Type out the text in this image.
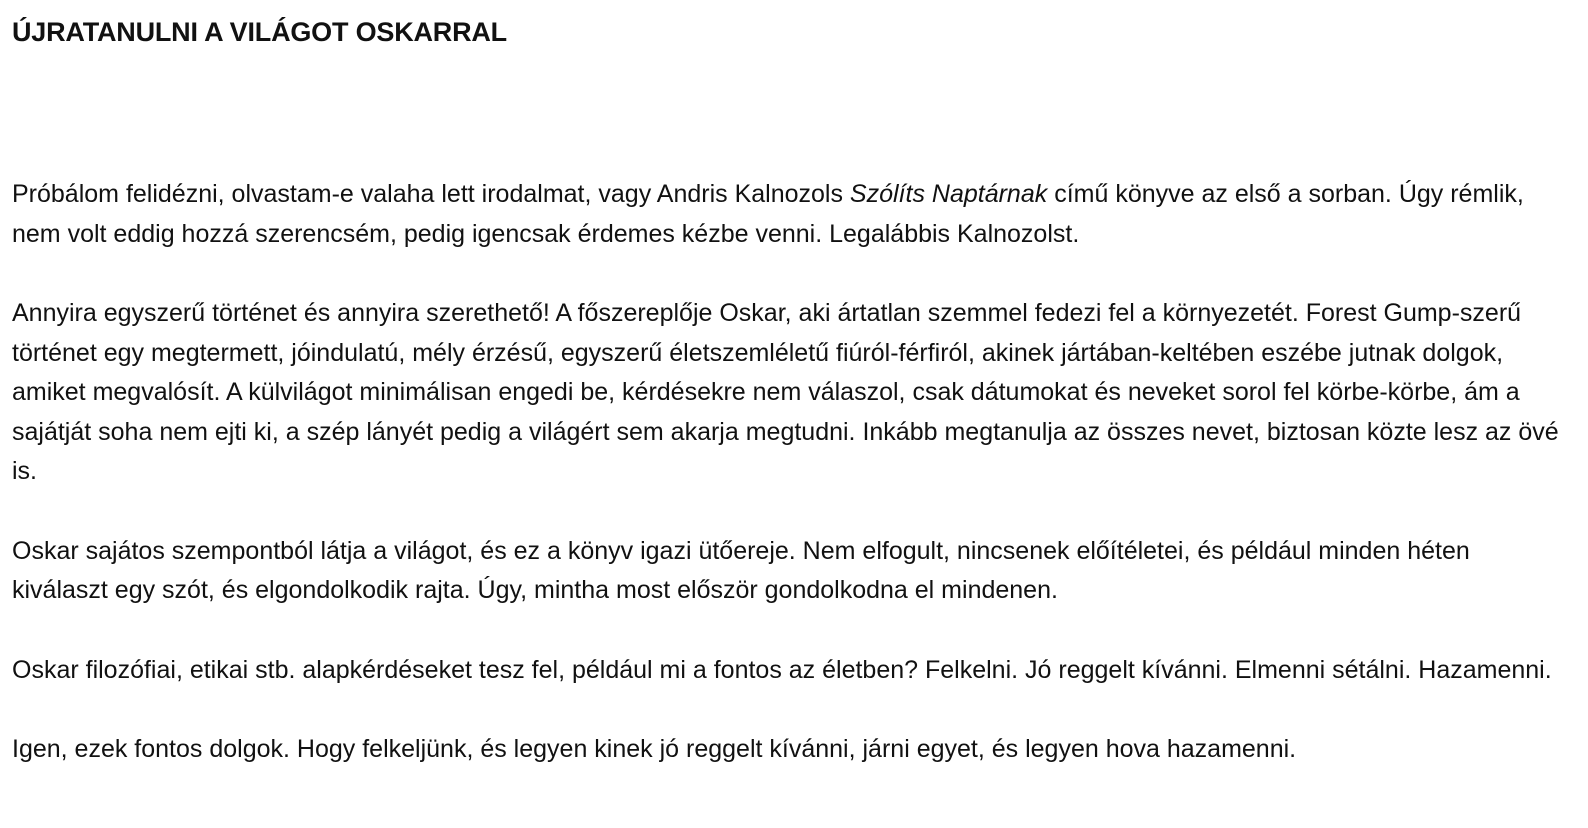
ÚJRATANULNI A VILÁGOT OSKARRAL

Próbálom felidézni, olvastam-e valaha lett irodalmat, vagy Andris Kalnozols Szólíts Naptárnak című könyve az első a sorban. Úgy rémlik, nem volt eddig hozzá szerencsém, pedig igencsak érdemes kézbe venni. Legalábbis Kalnozolst.

Annyira egyszerű történet és annyira szerethető! A főszereplője Oskar, aki ártatlan szemmel fedezi fel a környezetét. Forest Gump-szerű történet egy megtermett, jóindulatú, mély érzésű, egyszerű életszemléletű fiúról-férfiról, akinek jártában-keltében eszébe jutnak dolgok, amiket megvalósít. A külvilágot minimálisan engedi be, kérdésekre nem válaszol, csak dátumokat és neveket sorol fel körbe-körbe, ám a sajátját soha nem ejti ki, a szép lányét pedig a világért sem akarja megtudni. Inkább megtanulja az összes nevet, biztosan közte lesz az övé is.

Oskar sajátos szempontból látja a világot, és ez a könyv igazi ütőereje. Nem elfogult, nincsenek előítéletei, és például minden héten kiválaszt egy szót, és elgondolkodik rajta. Úgy, mintha most először gondolkodna el mindenen.

Oskar filozófiai, etikai stb. alapkérdéseket tesz fel, például mi a fontos az életben? Felkelni. Jó reggelt kívánni. Elmenni sétálni. Hazamenni.

Igen, ezek fontos dolgok. Hogy felkeljünk, és legyen kinek jó reggelt kívánni, járni egyet, és legyen hova hazamenni.
